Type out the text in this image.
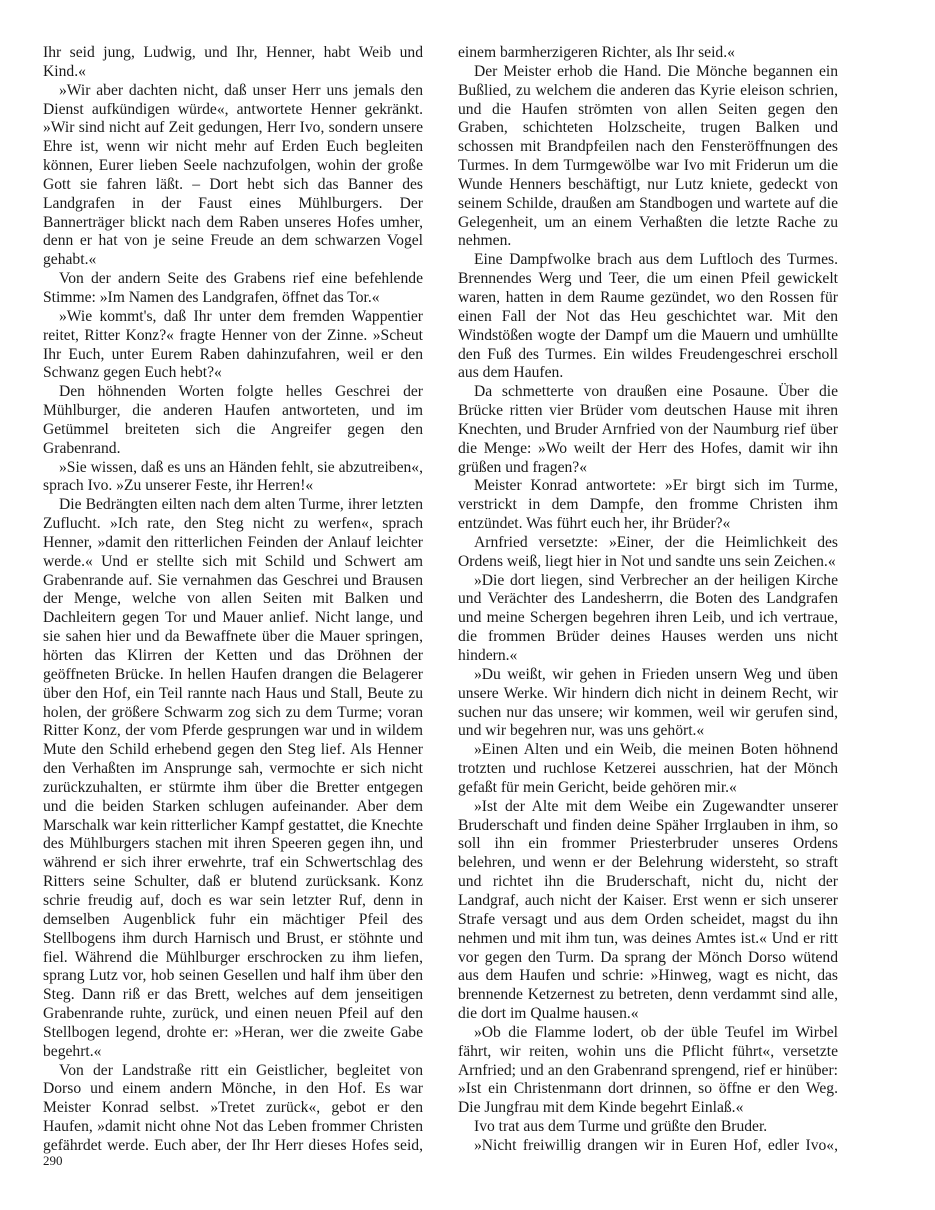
Ihr seid jung, Ludwig, und Ihr, Henner, habt Weib und Kind.«

»Wir aber dachten nicht, daß unser Herr uns jemals den Dienst aufkündigen würde«, antwortete Henner gekränkt. »Wir sind nicht auf Zeit gedungen, Herr Ivo, sondern unsere Ehre ist, wenn wir nicht mehr auf Erden Euch begleiten können, Eurer lieben Seele nachzufolgen, wohin der große Gott sie fahren läßt. – Dort hebt sich das Banner des Landgrafen in der Faust eines Mühlburgers. Der Bannerträger blickt nach dem Raben unseres Hofes umher, denn er hat von je seine Freude an dem schwarzen Vogel gehabt.«

Von der andern Seite des Grabens rief eine befehlende Stimme: »Im Namen des Landgrafen, öffnet das Tor.«

»Wie kommt's, daß Ihr unter dem fremden Wappentier reitet, Ritter Konz?« fragte Henner von der Zinne. »Scheut Ihr Euch, unter Eurem Raben dahinzufahren, weil er den Schwanz gegen Euch hebt?«

Den höhnenden Worten folgte helles Geschrei der Mühlburger, die anderen Haufen antworteten, und im Getümmel breiteten sich die Angreifer gegen den Grabenrand.

»Sie wissen, daß es uns an Händen fehlt, sie abzutreiben«, sprach Ivo. »Zu unserer Feste, ihr Herren!«

Die Bedrängten eilten nach dem alten Turme, ihrer letzten Zuflucht. »Ich rate, den Steg nicht zu werfen«, sprach Henner, »damit den ritterlichen Feinden der Anlauf leichter werde.« Und er stellte sich mit Schild und Schwert am Grabenrande auf. Sie vernahmen das Geschrei und Brausen der Menge, welche von allen Seiten mit Balken und Dachleitern gegen Tor und Mauer anlief. Nicht lange, und sie sahen hier und da Bewaffnete über die Mauer springen, hörten das Klirren der Ketten und das Dröhnen der geöffneten Brücke. In hellen Haufen drangen die Belagerer über den Hof, ein Teil rannte nach Haus und Stall, Beute zu holen, der größere Schwarm zog sich zu dem Turme; voran Ritter Konz, der vom Pferde gesprungen war und in wildem Mute den Schild erhebend gegen den Steg lief. Als Henner den Verhaßten im Ansprunge sah, vermochte er sich nicht zurückzuhalten, er stürmte ihm über die Bretter entgegen und die beiden Starken schlugen aufeinander. Aber dem Marschalk war kein ritterlicher Kampf gestattet, die Knechte des Mühlburgers stachen mit ihren Speeren gegen ihn, und während er sich ihrer erwehrte, traf ein Schwertschlag des Ritters seine Schulter, daß er blutend zurücksank. Konz schrie freudig auf, doch es war sein letzter Ruf, denn in demselben Augenblick fuhr ein mächtiger Pfeil des Stellbogens ihm durch Harnisch und Brust, er stöhnte und fiel. Während die Mühlburger erschrocken zu ihm liefen, sprang Lutz vor, hob seinen Gesellen und half ihm über den Steg. Dann riß er das Brett, welches auf dem jenseitigen Grabenrande ruhte, zurück, und einen neuen Pfeil auf den Stellbogen legend, drohte er: »Heran, wer die zweite Gabe begehrt.«

Von der Landstraße ritt ein Geistlicher, begleitet von Dorso und einem andern Mönche, in den Hof. Es war Meister Konrad selbst. »Tretet zurück«, gebot er den Haufen, »damit nicht ohne Not das Leben frommer Christen gefährdet werde. Euch aber, der Ihr Herr dieses Hofes seid,

einem barmherzigeren Richter, als Ihr seid.«

Der Meister erhob die Hand. Die Mönche begannen ein Bußlied, zu welchem die anderen das Kyrie eleison schrien, und die Haufen strömten von allen Seiten gegen den Graben, schichteten Holzscheite, trugen Balken und schossen mit Brandpfeilen nach den Fensteröffnungen des Turmes. In dem Turmgewölbe war Ivo mit Friderun um die Wunde Henners beschäftigt, nur Lutz kniete, gedeckt von seinem Schilde, draußen am Standbogen und wartete auf die Gelegenheit, um an einem Verhaßten die letzte Rache zu nehmen.

Eine Dampfwolke brach aus dem Luftloch des Turmes. Brennendes Werg und Teer, die um einen Pfeil gewickelt waren, hatten in dem Raume gezündet, wo den Rossen für einen Fall der Not das Heu geschichtet war. Mit den Windstößen wogte der Dampf um die Mauern und umhüllte den Fuß des Turmes. Ein wildes Freudengeschrei erscholl aus dem Haufen.

Da schmetterte von draußen eine Posaune. Über die Brücke ritten vier Brüder vom deutschen Hause mit ihren Knechten, und Bruder Arnfried von der Naumburg rief über die Menge: »Wo weilt der Herr des Hofes, damit wir ihn grüßen und fragen?«

Meister Konrad antwortete: »Er birgt sich im Turme, verstrickt in dem Dampfe, den fromme Christen ihm entzündet. Was führt euch her, ihr Brüder?«

Arnfried versetzte: »Einer, der die Heimlichkeit des Ordens weiß, liegt hier in Not und sandte uns sein Zeichen.«

»Die dort liegen, sind Verbrecher an der heiligen Kirche und Verächter des Landesherrn, die Boten des Landgrafen und meine Schergen begehren ihren Leib, und ich vertraue, die frommen Brüder deines Hauses werden uns nicht hindern.«

»Du weißt, wir gehen in Frieden unsern Weg und üben unsere Werke. Wir hindern dich nicht in deinem Recht, wir suchen nur das unsere; wir kommen, weil wir gerufen sind, und wir begehren nur, was uns gehört.«

»Einen Alten und ein Weib, die meinen Boten höhnend trotzten und ruchlose Ketzerei ausschrien, hat der Mönch gefaßt für mein Gericht, beide gehören mir.«

»Ist der Alte mit dem Weibe ein Zugewandter unserer Bruderschaft und finden deine Späher Irrglauben in ihm, so soll ihn ein frommer Priesterbruder unseres Ordens belehren, und wenn er der Belehrung widersteht, so straft und richtet ihn die Bruderschaft, nicht du, nicht der Landgraf, auch nicht der Kaiser. Erst wenn er sich unserer Strafe versagt und aus dem Orden scheidet, magst du ihn nehmen und mit ihm tun, was deines Amtes ist.« Und er ritt vor gegen den Turm. Da sprang der Mönch Dorso wütend aus dem Haufen und schrie: »Hinweg, wagt es nicht, das brennende Ketzernest zu betreten, denn verdammt sind alle, die dort im Qualme hausen.«

»Ob die Flamme lodert, ob der üble Teufel im Wirbel fährt, wir reiten, wohin uns die Pflicht führt«, versetzte Arnfried; und an den Grabenrand sprengend, rief er hinüber: »Ist ein Christenmann dort drinnen, so öffne er den Weg. Die Jungfrau mit dem Kinde begehrt Einlaß.«

Ivo trat aus dem Turme und grüßte den Bruder.

»Nicht freiwillig drangen wir in Euren Hof, edler Ivo«,

290
